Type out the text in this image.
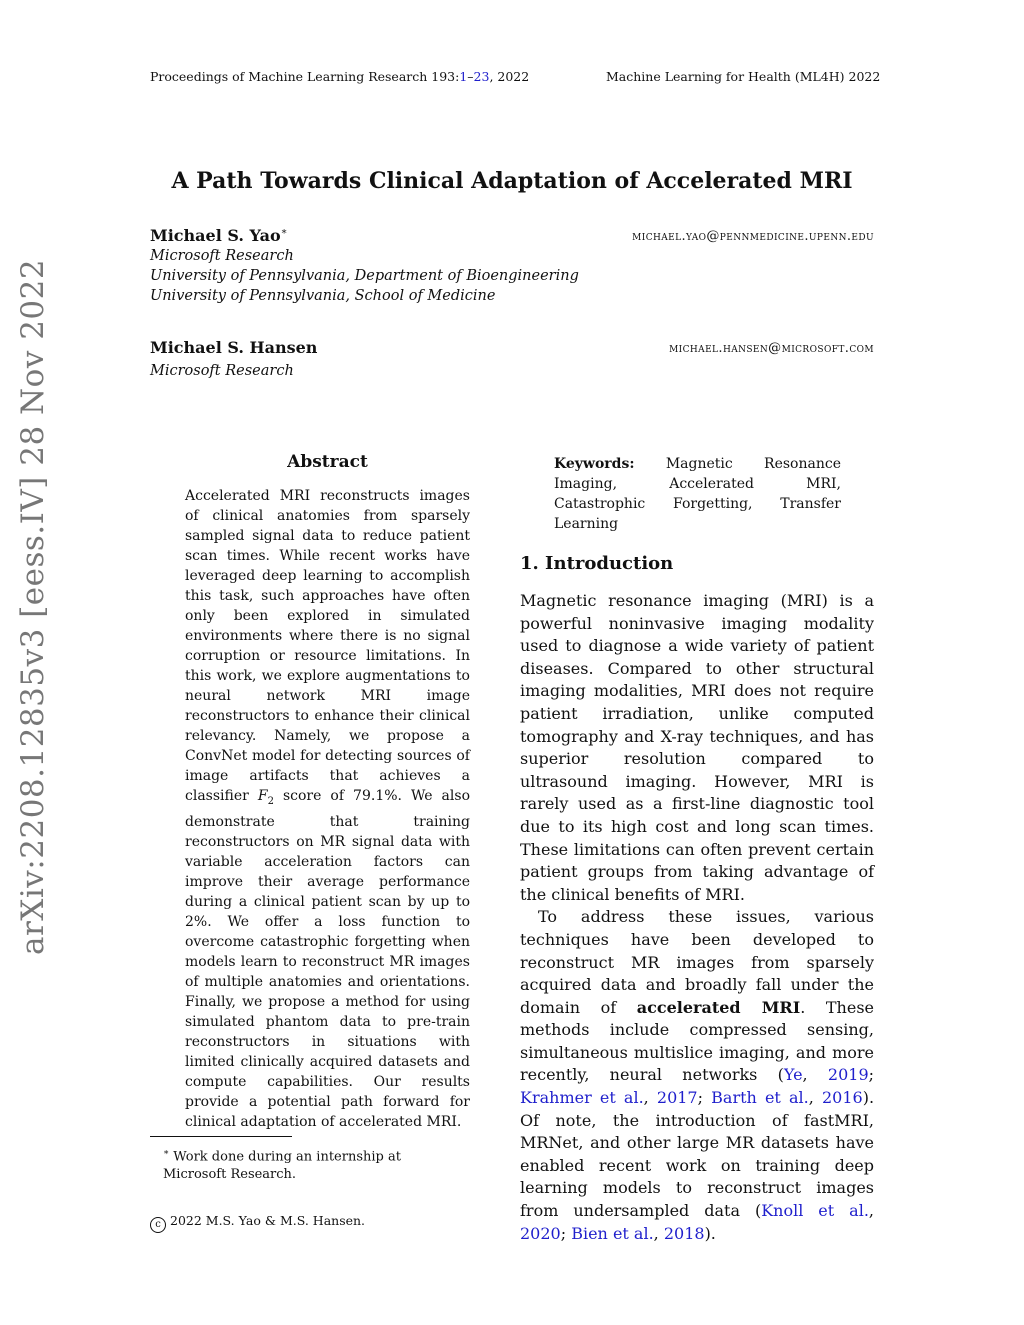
Proceedings of Machine Learning Research 193:1–23, 2022	Machine Learning for Health (ML4H) 2022
arXiv:2208.12835v3 [eess.IV] 28 Nov 2022
A Path Towards Clinical Adaptation of Accelerated MRI
Michael S. Yao∗	michael.yao@pennmedicine.upenn.edu
Microsoft Research
University of Pennsylvania, Department of Bioengineering
University of Pennsylvania, School of Medicine
Michael S. Hansen	michael.hansen@microsoft.com
Microsoft Research
Abstract
Accelerated MRI reconstructs images of clinical anatomies from sparsely sampled signal data to reduce patient scan times. While recent works have leveraged deep learning to accomplish this task, such approaches have often only been explored in simulated environments where there is no signal corruption or resource limitations. In this work, we explore augmentations to neural network MRI image reconstructors to enhance their clinical relevancy. Namely, we propose a ConvNet model for detecting sources of image artifacts that achieves a classifier $F_2$ score of 79.1%. We also demonstrate that training reconstructors on MR signal data with variable acceleration factors can improve their average performance during a clinical patient scan by up to 2%. We offer a loss function to overcome catastrophic forgetting when models learn to reconstruct MR images of multiple anatomies and orientations. Finally, we propose a method for using simulated phantom data to pre-train reconstructors in situations with limited clinically acquired datasets and compute capabilities. Our results provide a potential path forward for clinical adaptation of accelerated MRI.
Keywords: Magnetic Resonance Imaging, Accelerated MRI, Catastrophic Forgetting, Transfer Learning
1. Introduction

Magnetic resonance imaging (MRI) is a powerful noninvasive imaging modality used to diagnose a wide variety of patient diseases. Compared to other structural imaging modalities, MRI does not require patient irradiation, unlike computed tomography and X-ray techniques, and has superior resolution compared to ultrasound imaging. However, MRI is rarely used as a first-line diagnostic tool due to its high cost and long scan times. These limitations can often prevent certain patient groups from taking advantage of the clinical benefits of MRI.

To address these issues, various techniques have been developed to reconstruct MR images from sparsely acquired data and broadly fall under the domain of accelerated MRI. These methods include compressed sensing, simultaneous multislice imaging, and more recently, neural networks (Ye, 2019; Krahmer et al., 2017; Barth et al., 2016). Of note, the introduction of fastMRI, MRNet, and other large MR datasets have enabled recent work on training deep learning models to reconstruct images from undersampled data (Knoll et al., 2020; Bien et al., 2018).

∗ Work done during an internship at Microsoft Research.
c 2022 M.S. Yao & M.S. Hansen.
